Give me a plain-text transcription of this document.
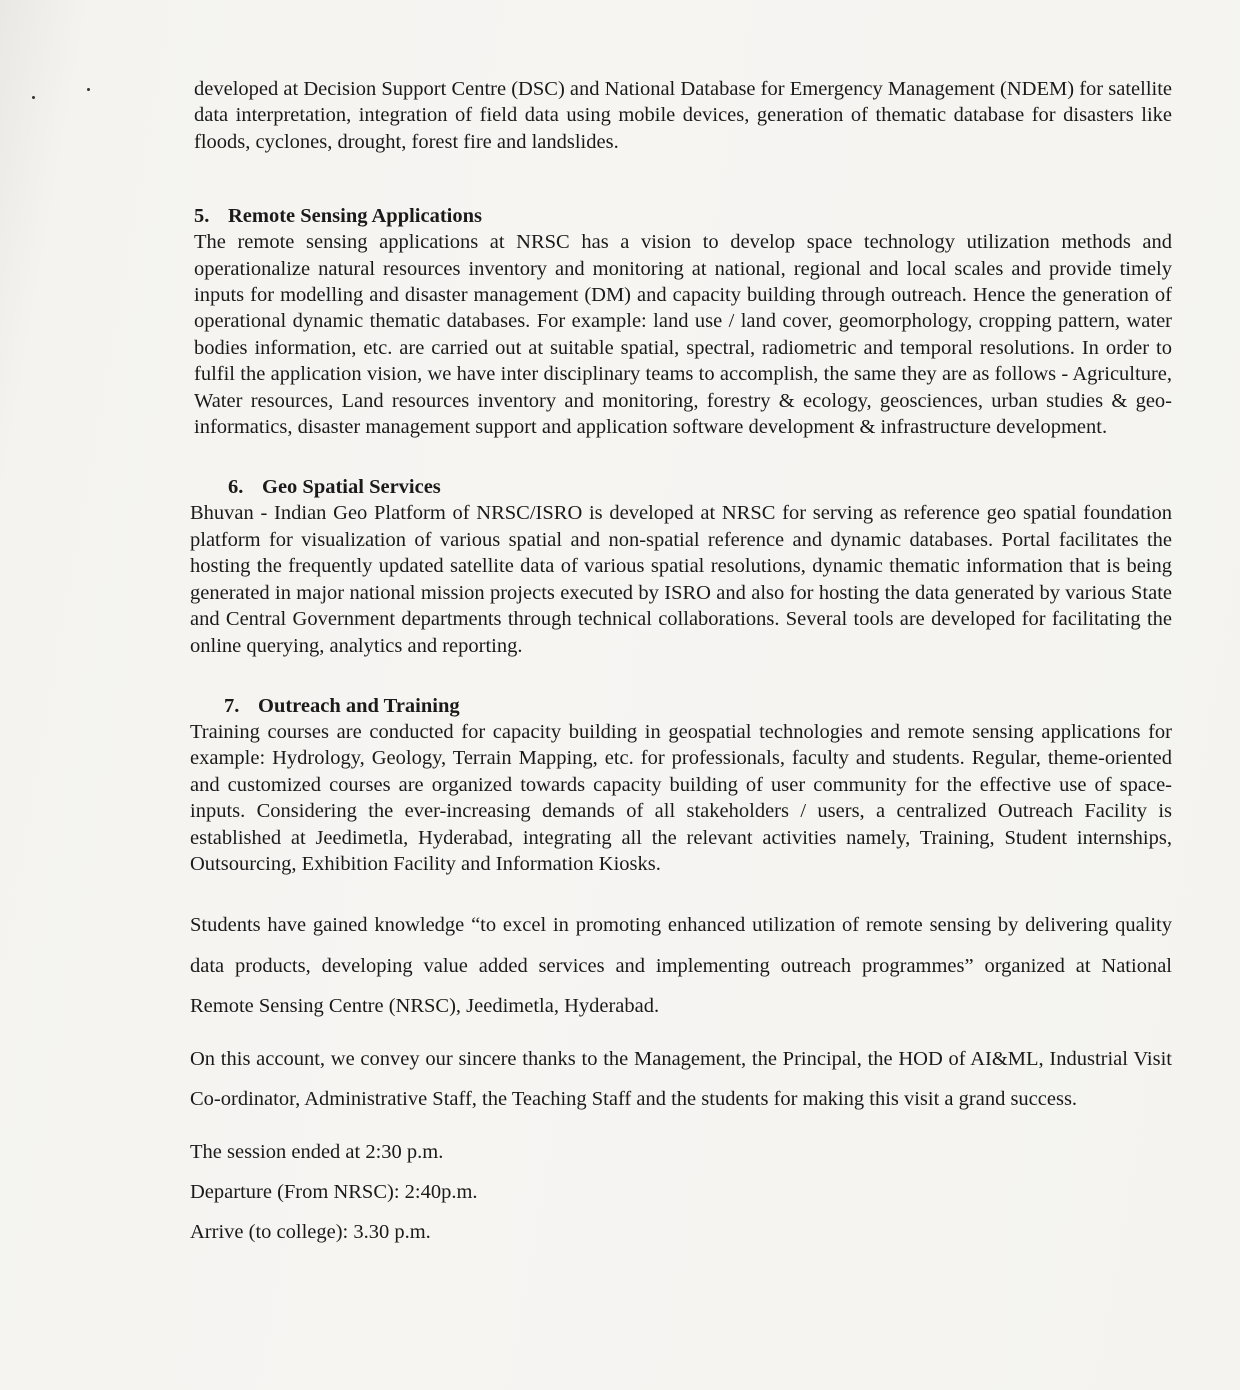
developed at Decision Support Centre (DSC) and National Database for Emergency Management (NDEM) for satellite data interpretation, integration of field data using mobile devices, generation of thematic database for disasters like floods, cyclones, drought, forest fire and landslides.

5. Remote Sensing Applications

The remote sensing applications at NRSC has a vision to develop space technology utilization methods and operationalize natural resources inventory and monitoring at national, regional and local scales and provide timely inputs for modelling and disaster management (DM) and capacity building through outreach. Hence the generation of operational dynamic thematic databases. For example: land use / land cover, geomorphology, cropping pattern, water bodies information, etc. are carried out at suitable spatial, spectral, radiometric and temporal resolutions. In order to fulfil the application vision, we have inter disciplinary teams to accomplish, the same they are as follows - Agriculture, Water resources, Land resources inventory and monitoring, forestry & ecology, geosciences, urban studies & geo-informatics, disaster management support and application software development & infrastructure development.

6. Geo Spatial Services

Bhuvan - Indian Geo Platform of NRSC/ISRO is developed at NRSC for serving as reference geo spatial foundation platform for visualization of various spatial and non-spatial reference and dynamic databases. Portal facilitates the hosting the frequently updated satellite data of various spatial resolutions, dynamic thematic information that is being generated in major national mission projects executed by ISRO and also for hosting the data generated by various State and Central Government departments through technical collaborations. Several tools are developed for facilitating the online querying, analytics and reporting.

7. Outreach and Training

Training courses are conducted for capacity building in geospatial technologies and remote sensing applications for example: Hydrology, Geology, Terrain Mapping, etc. for professionals, faculty and students. Regular, theme-oriented and customized courses are organized towards capacity building of user community for the effective use of space-inputs. Considering the ever-increasing demands of all stakeholders / users, a centralized Outreach Facility is established at Jeedimetla, Hyderabad, integrating all the relevant activities namely, Training, Student internships, Outsourcing, Exhibition Facility and Information Kiosks.

Students have gained knowledge “to excel in promoting enhanced utilization of remote sensing by delivering quality data products, developing value added services and implementing outreach programmes” organized at National Remote Sensing Centre (NRSC), Jeedimetla, Hyderabad.

On this account, we convey our sincere thanks to the Management, the Principal, the HOD of AI&ML, Industrial Visit Co-ordinator, Administrative Staff, the Teaching Staff and the students for making this visit a grand success.

The session ended at 2:30 p.m.

Departure (From NRSC): 2:40p.m.

Arrive (to college): 3.30 p.m.
